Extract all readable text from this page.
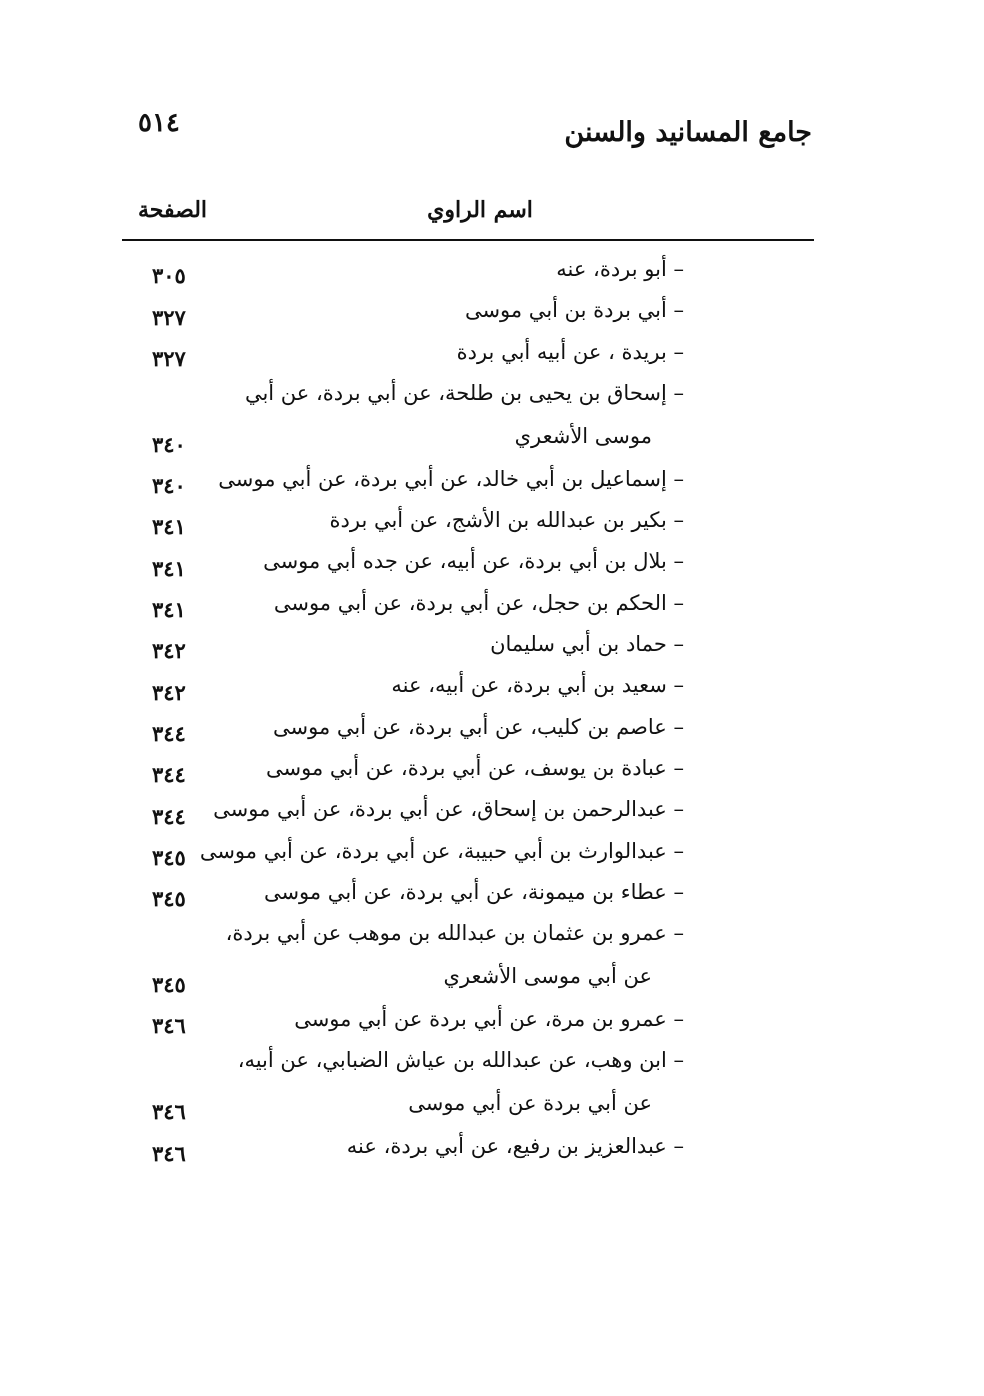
٥١٤	جامع المسانيد والسنن
الصفحة	اسم الراوي
– أبو بردة، عنه
٣٠٥
– أبي بردة بن أبي موسى
٣٢٧
– بريدة ، عن أبيه أبي بردة
٣٢٧
– إسحاق بن يحيى بن طلحة، عن أبي بردة، عن أبي
موسى الأشعري
٣٤٠
– إسماعيل بن أبي خالد، عن أبي بردة، عن أبي موسى
٣٤٠
– بكير بن عبدالله بن الأشج، عن أبي بردة
٣٤١
– بلال بن أبي بردة، عن أبيه، عن جده أبي موسى
٣٤١
– الحكم بن حجل، عن أبي بردة، عن أبي موسى
٣٤١
– حماد بن أبي سليمان
٣٤٢
– سعيد بن أبي بردة، عن أبيه، عنه
٣٤٢
– عاصم بن كليب، عن أبي بردة، عن أبي موسى
٣٤٤
– عبادة بن يوسف، عن أبي بردة، عن أبي موسى
٣٤٤
– عبدالرحمن بن إسحاق، عن أبي بردة، عن أبي موسى
٣٤٤
– عبدالوارث بن أبي حبيبة، عن أبي بردة، عن أبي موسى
٣٤٥
– عطاء بن ميمونة، عن أبي بردة، عن أبي موسى
٣٤٥
– عمرو بن عثمان بن عبدالله بن موهب عن أبي بردة،
عن أبي موسى الأشعري
٣٤٥
– عمرو بن مرة، عن أبي بردة عن أبي موسى
٣٤٦
– ابن وهب، عن عبدالله بن عياش الضبابي، عن أبيه،
عن أبي بردة عن أبي موسى
٣٤٦
– عبدالعزيز بن رفيع، عن أبي بردة، عنه
٣٤٦
